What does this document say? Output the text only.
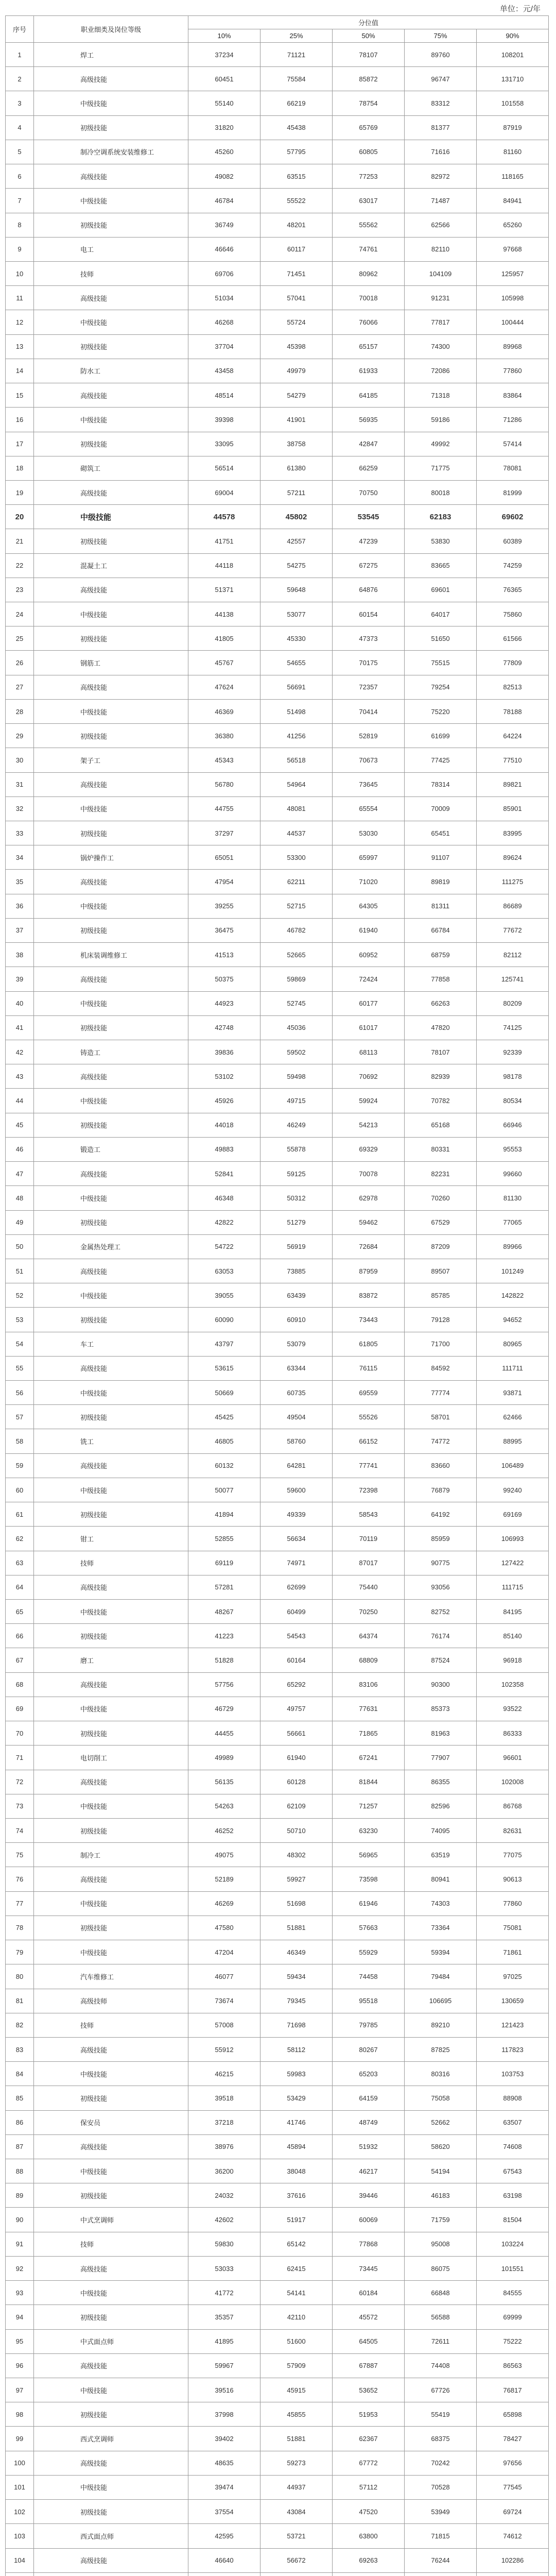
单位：元/年
序号	职业细类及岗位等级	分位值				
		10%	25%	50%	75%	90%
1	焊工	37234	71121	78107	89760	108201
2	高级技能	60451	75584	85872	96747	131710
3	中级技能	55140	66219	78754	83312	101558
4	初级技能	31820	45438	65769	81377	87919
5	制冷空调系统安装维修工	45260	57795	60805	71616	81160
6	高级技能	49082	63515	77253	82972	118165
7	中级技能	46784	55522	63017	71487	84941
8	初级技能	36749	48201	55562	62566	65260
9	电工	46646	60117	74761	82110	97668
10	技师	69706	71451	80962	104109	125957
11	高级技能	51034	57041	70018	91231	105998
12	中级技能	46268	55724	76066	77817	100444
13	初级技能	37704	45398	65157	74300	89968
14	防水工	43458	49979	61933	72086	77860
15	高级技能	48514	54279	64185	71318	83864
16	中级技能	39398	41901	56935	59186	71286
17	初级技能	33095	38758	42847	49992	57414
18	砌筑工	56514	61380	66259	71775	78081
19	高级技能	69004	57211	70750	80018	81999
20	中级技能	44578	45802	53545	62183	69602
21	初级技能	41751	42557	47239	53830	60389
22	混凝土工	44118	54275	67275	83665	74259
23	高级技能	51371	59648	64876	69601	76365
24	中级技能	44138	53077	60154	64017	75860
25	初级技能	41805	45330	47373	51650	61566
26	钢筋工	45767	54655	70175	75515	77809
27	高级技能	47624	56691	72357	79254	82513
28	中级技能	46369	51498	70414	75220	78188
29	初级技能	36380	41256	52819	61699	64224
30	架子工	45343	56518	70673	77425	77510
31	高级技能	56780	54964	73645	78314	89821
32	中级技能	44755	48081	65554	70009	85901
33	初级技能	37297	44537	53030	65451	83995
34	锅炉操作工	65051	53300	65997	91107	89624
35	高级技能	47954	62211	71020	89819	111275
36	中级技能	39255	52715	64305	81311	86689
37	初级技能	36475	46782	61940	66784	77672
38	机床装调维修工	41513	52665	60952	68759	82112
39	高级技能	50375	59869	72424	77858	125741
40	中级技能	44923	52745	60177	66263	80209
41	初级技能	42748	45036	61017	47820	74125
42	铸造工	39836	59502	68113	78107	92339
43	高级技能	53102	59498	70692	82939	98178
44	中级技能	45926	49715	59924	70782	80534
45	初级技能	44018	46249	54213	65168	66946
46	锻造工	49883	55878	69329	80331	95553
47	高级技能	52841	59125	70078	82231	99660
48	中级技能	46348	50312	62978	70260	81130
49	初级技能	42822	51279	59462	67529	77065
50	金属热处理工	54722	56919	72684	87209	89966
51	高级技能	63053	73885	87959	89507	101249
52	中级技能	39055	63439	83872	85785	142822
53	初级技能	60090	60910	73443	79128	94652
54	车工	43797	53079	61805	71700	80965
55	高级技能	53615	63344	76115	84592	111711
56	中级技能	50669	60735	69559	77774	93871
57	初级技能	45425	49504	55526	58701	62466
58	铣工	46805	58760	66152	74772	88995
59	高级技能	60132	64281	77741	83660	106489
60	中级技能	50077	59600	72398	76879	99240
61	初级技能	41894	49339	58543	64192	69169
62	钳工	52855	56634	70119	85959	106993
63	技师	69119	74971	87017	90775	127422
64	高级技能	57281	62699	75440	93056	111715
65	中级技能	48267	60499	70250	82752	84195
66	初级技能	41223	54543	64374	76174	85140
67	磨工	51828	60164	68809	87524	96918
68	高级技能	57756	65292	83106	90300	102358
69	中级技能	46729	49757	77631	85373	93522
70	初级技能	44455	56661	71865	81963	86333
71	电切削工	49989	61940	67241	77907	96601
72	高级技能	56135	60128	81844	86355	102008
73	中级技能	54263	62109	71257	82596	86768
74	初级技能	46252	50710	63230	74095	82631
75	制冷工	49075	48302	56965	63519	77075
76	高级技能	52189	59927	73598	80941	90613
77	中级技能	46269	51698	61946	74303	77860
78	初级技能	47580	51881	57663	73364	75081
79	中级技能	47204	46349	55929	59394	71861
80	汽车维修工	46077	59434	74458	79484	97025
81	高级技师	73674	79345	95518	106695	130659
82	技师	57008	71698	79785	89210	121423
83	高级技能	55912	58112	80267	87825	117823
84	中级技能	46215	59983	65203	80316	103753
85	初级技能	39518	53429	64159	75058	88908
86	保安员	37218	41746	48749	52662	63507
87	高级技能	38976	45894	51932	58620	74608
88	中级技能	36200	38048	46217	54194	67543
89	初级技能	24032	37616	39446	46183	63198
90	中式烹调师	42602	51917	60069	71759	81504
91	技师	59830	65142	77868	95008	103224
92	高级技能	53033	62415	73445	86075	101551
93	中级技能	41772	54141	60184	66848	84555
94	初级技能	35357	42110	45572	56588	69999
95	中式面点师	41895	51600	64505	72611	75222
96	高级技能	59967	57909	67887	74408	86563
97	中级技能	39516	45915	53652	67726	76817
98	初级技能	37998	45855	51953	55419	65898
99	西式烹调师	39402	51881	62367	68375	78427
100	高级技能	48635	59273	67772	70242	97656
101	中级技能	39474	44937	57112	70528	77545
102	初级技能	37554	43084	47520	53949	69724
103	西式面点师	42595	53721	63800	71815	74612
104	高级技能	46640	56672	69263	76244	102286
